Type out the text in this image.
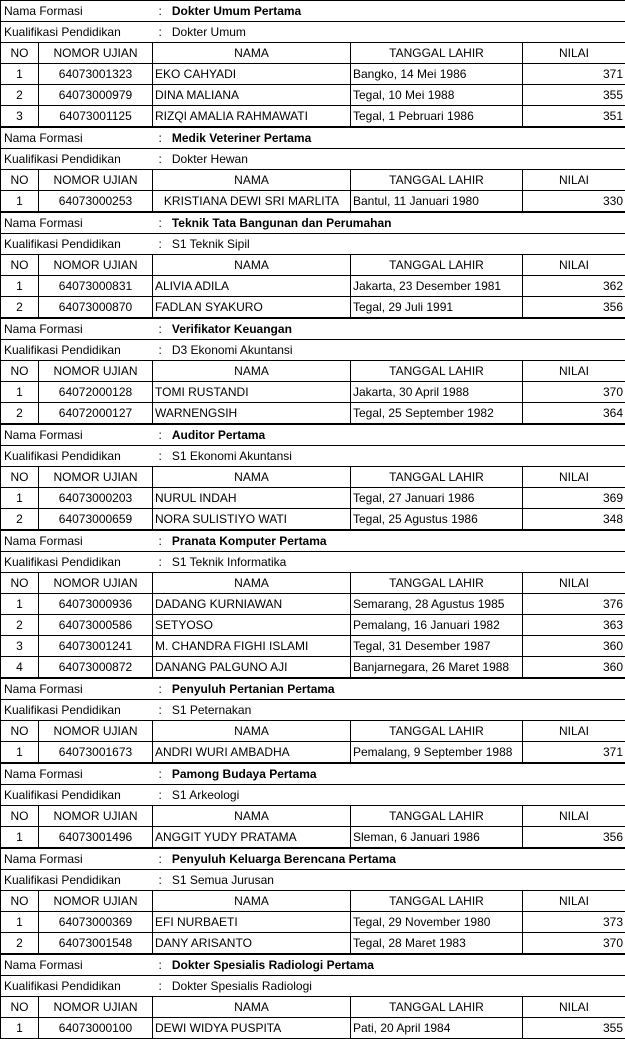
Nama Formasi		: Dokter Umum Pertama		
Kualifikasi Pendidikan		: Dokter Umum		
NO	NOMOR UJIAN	NAMA	TANGGAL LAHIR	NILAI
1	64073001323	EKO CAHYADI	Bangko, 14 Mei 1986	371
2	64073000979	DINA MALIANA	Tegal, 10 Mei 1988	355
3	64073001125	RIZQI AMALIA RAHMAWATI	Tegal, 1 Pebruari 1986	351
Nama Formasi		: Medik Veteriner Pertama		
Kualifikasi Pendidikan		: Dokter Hewan		
NO	NOMOR UJIAN	NAMA	TANGGAL LAHIR	NILAI
1	64073000253	KRISTIANA DEWI SRI MARLITA	Bantul, 11 Januari 1980	330
Nama Formasi		: Teknik Tata Bangunan dan Perumahan		
Kualifikasi Pendidikan		: S1 Teknik Sipil		
NO	NOMOR UJIAN	NAMA	TANGGAL LAHIR	NILAI
1	64073000831	ALIVIA ADILA	Jakarta, 23 Desember 1981	362
2	64073000870	FADLAN SYAKURO	Tegal, 29 Juli 1991	356
Nama Formasi		: Verifikator Keuangan		
Kualifikasi Pendidikan		: D3 Ekonomi Akuntansi		
NO	NOMOR UJIAN	NAMA	TANGGAL LAHIR	NILAI
1	64072000128	TOMI RUSTANDI	Jakarta, 30 April 1988	370
2	64072000127	WARNENGSIH	Tegal, 25 September 1982	364
Nama Formasi		: Auditor Pertama		
Kualifikasi Pendidikan		: S1 Ekonomi Akuntansi		
NO	NOMOR UJIAN	NAMA	TANGGAL LAHIR	NILAI
1	64073000203	NURUL INDAH	Tegal, 27 Januari 1986	369
2	64073000659	NORA SULISTIYO WATI	Tegal, 25 Agustus 1986	348
Nama Formasi		: Pranata Komputer Pertama		
Kualifikasi Pendidikan		: S1 Teknik Informatika		
NO	NOMOR UJIAN	NAMA	TANGGAL LAHIR	NILAI
1	64073000936	DADANG KURNIAWAN	Semarang, 28 Agustus 1985	376
2	64073000586	SETYOSO	Pemalang, 16 Januari 1982	363
3	64073001241	M. CHANDRA FIGHI ISLAMI	Tegal, 31 Desember 1987	360
4	64073000872	DANANG PALGUNO AJI	Banjarnegara, 26 Maret 1988	360
Nama Formasi		: Penyuluh Pertanian Pertama		
Kualifikasi Pendidikan		: S1 Peternakan		
NO	NOMOR UJIAN	NAMA	TANGGAL LAHIR	NILAI
1	64073001673	ANDRI WURI AMBADHA	Pemalang, 9 September 1988	371
Nama Formasi		: Pamong Budaya Pertama		
Kualifikasi Pendidikan		: S1 Arkeologi		
NO	NOMOR UJIAN	NAMA	TANGGAL LAHIR	NILAI
1	64073001496	ANGGIT YUDY PRATAMA	Sleman, 6 Januari 1986	356
Nama Formasi		: Penyuluh Keluarga Berencana Pertama		
Kualifikasi Pendidikan		: S1 Semua Jurusan		
NO	NOMOR UJIAN	NAMA	TANGGAL LAHIR	NILAI
1	64073000369	EFI NURBAETI	Tegal, 29 November 1980	373
2	64073001548	DANY ARISANTO	Tegal, 28 Maret 1983	370
Nama Formasi		: Dokter Spesialis Radiologi Pertama		
Kualifikasi Pendidikan		: Dokter Spesialis Radiologi		
NO	NOMOR UJIAN	NAMA	TANGGAL LAHIR	NILAI
1	64073000100	DEWI WIDYA PUSPITA	Pati, 20 April 1984	355
